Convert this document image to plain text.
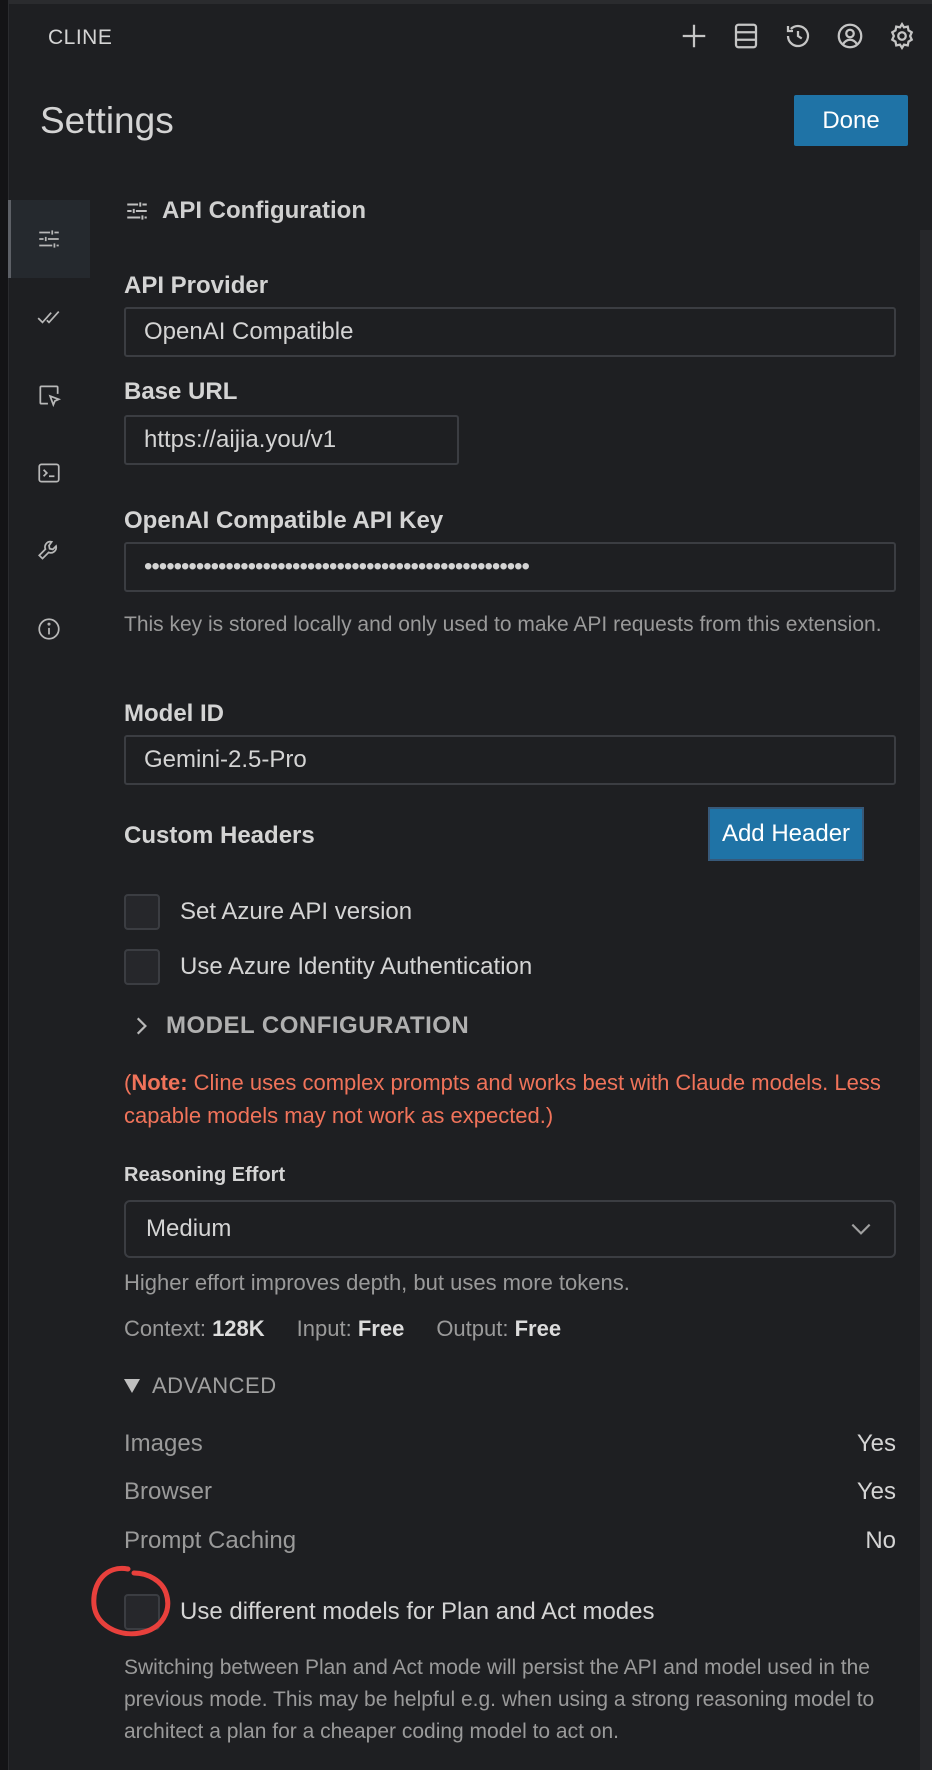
CLINE
Settings	Done
API Configuration
API Provider
OpenAI Compatible
Base URL
https://aijia.you/v1
OpenAI Compatible API Key
••••••••••••••••••••••••••••••••••••••••••••••••••••
This key is stored locally and only used to make API requests from this extension.
Model ID
Gemini-2.5-Pro
Custom Headers	Add Header
Set Azure API version
Use Azure Identity Authentication
MODEL CONFIGURATION
(Note: Cline uses complex prompts and works best with Claude models. Less capable models may not work as expected.)
Reasoning Effort
Medium
Higher effort improves depth, but uses more tokens.
Context: 128K Input: Free Output: Free
ADVANCED
Images	Yes
Browser	Yes
Prompt Caching	No
Use different models for Plan and Act modes
Switching between Plan and Act mode will persist the API and model used in the previous mode. This may be helpful e.g. when using a strong reasoning model to architect a plan for a cheaper coding model to act on.
